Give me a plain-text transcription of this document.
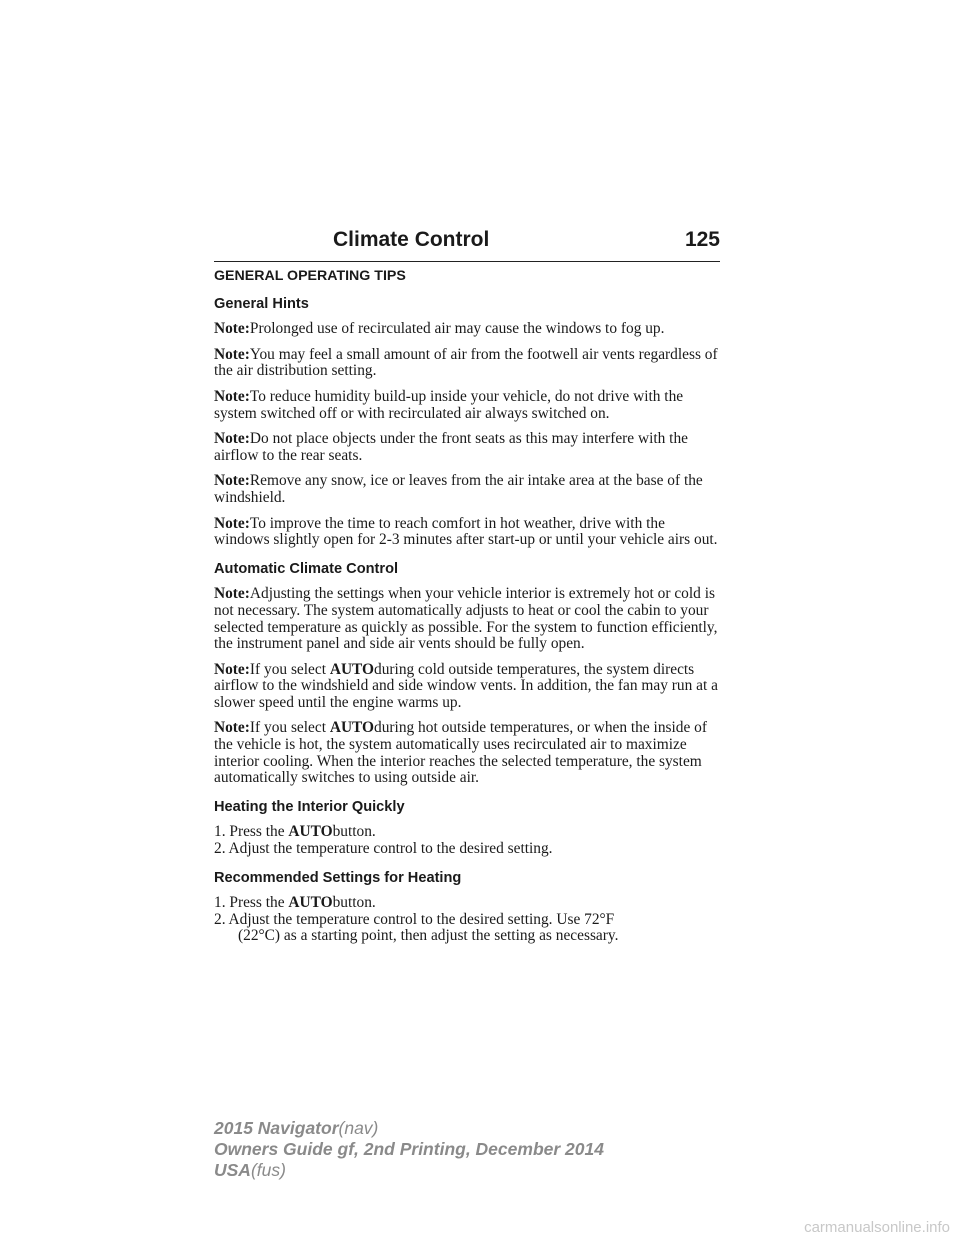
Climate Control	125
GENERAL OPERATING TIPS
General Hints

Note:Prolonged use of recirculated air may cause the windows to fog up.

Note:You may feel a small amount of air from the footwell air vents regardless of the air distribution setting.

Note:To reduce humidity build-up inside your vehicle, do not drive with the system switched off or with recirculated air always switched on.

Note:Do not place objects under the front seats as this may interfere with the airflow to the rear seats.

Note:Remove any snow, ice or leaves from the air intake area at the base of the windshield.

Note:To improve the time to reach comfort in hot weather, drive with the windows slightly open for 2-3 minutes after start-up or until your vehicle airs out.

Automatic Climate Control

Note:Adjusting the settings when your vehicle interior is extremely hot or cold is not necessary. The system automatically adjusts to heat or cool the cabin to your selected temperature as quickly as possible. For the system to function efficiently, the instrument panel and side air vents should be fully open.

Note:If you select AUTOduring cold outside temperatures, the system directs airflow to the windshield and side window vents. In addition, the fan may run at a slower speed until the engine warms up.

Note:If you select AUTOduring hot outside temperatures, or when the inside of the vehicle is hot, the system automatically uses recirculated air to maximize interior cooling. When the interior reaches the selected temperature, the system automatically switches to using outside air.

Heating the Interior Quickly

1. Press the AUTObutton.

2. Adjust the temperature control to the desired setting.

Recommended Settings for Heating

1. Press the AUTObutton.

2. Adjust the temperature control to the desired setting. Use 72°F

(22°C) as a starting point, then adjust the setting as necessary.

2015 Navigator(nav)
Owners Guide gf, 2nd Printing, December 2014
USA(fus)
carmanualsonline.info
